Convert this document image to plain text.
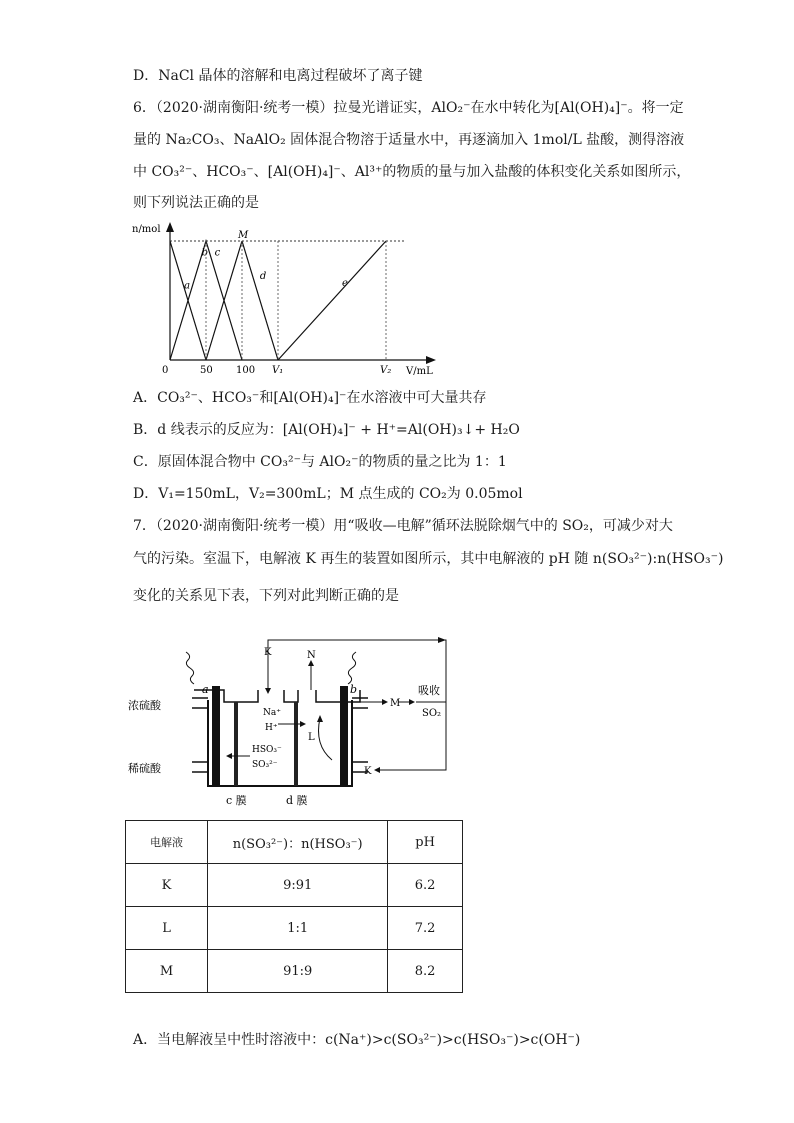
D．NaCl 晶体的溶解和电离过程破坏了离子键
6．（2020·湖南衡阳·统考一模）拉曼光谱证实，AlO₂⁻在水中转化为[Al(OH)₄]⁻。将一定
量的 Na₂CO₃、NaAlO₂ 固体混合物溶于适量水中，再逐滴加入 1mol/L 盐酸，测得溶液
中 CO₃²⁻、HCO₃⁻、[Al(OH)₄]⁻、Al³⁺的物质的量与加入盐酸的体积变化关系如图所示，
则下列说法正确的是
a
b c
d
e
0	50 100 V₁	V₂
n/mol
V/mL
M
A．CO₃²⁻、HCO₃⁻和[Al(OH)₄]⁻在水溶液中可大量共存
B．d 线表示的反应为：[Al(OH)₄]⁻ + H⁺=Al(OH)₃↓+ H₂O
C．原固体混合物中 CO₃²⁻与 AlO₂⁻的物质的量之比为 1：1
D．V₁=150mL，V₂=300mL；M 点生成的 CO₂为 0.05mol
7．（2020·湖南衡阳·统考一模）用“吸收—电解”循环法脱除烟气中的 SO₂，可减少对大
气的污染。室温下，电解液 K 再生的装置如图所示，其中电解液的 pH 随 n(SO₃²⁻):n(HSO₃⁻)
变化的关系见下表，下列对此判断正确的是
a	b
K	N
浓硫酸
稀硫酸
M
吸收
SO₂
K
Na⁺
H⁺
L
HSO₃⁻
SO₃²⁻
c 膜	d 膜
电解液	n(SO₃²⁻)：n(HSO₃⁻)	pH
K	9:91	6.2
L	1:1	7.2
M	91:9	8.2
A．当电解液呈中性时溶液中：c(Na⁺)>c(SO₃²⁻)>c(HSO₃⁻)>c(OH⁻)
